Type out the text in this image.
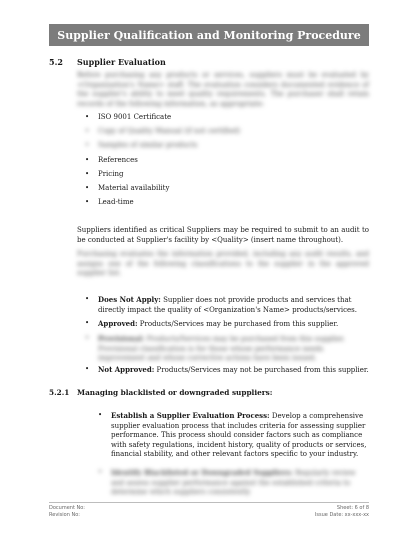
Supplier Qualification and Monitoring Procedure
5.2 Supplier Evaluation
Before purchasing any products or services, suppliers must be evaluated by <Organization's Name> staff. The evaluation considers documented evidence of the supplier's ability to meet quality requirements. The purchaser shall retain records of the following information, as appropriate:
• ISO 9001 Certificate
• Copy of Quality Manual (if not certified)
• Samples of similar products
• References
• Pricing
• Material availability
• Lead-time
Suppliers identified as critical Suppliers may be required to submit to an audit to be conducted at Supplier's facility by <Quality> (insert name throughout).
Purchasing evaluates the information provided, including any audit results, and assigns one of the following classifications to the supplier in the approved supplier list.
• Does Not Apply: Supplier does not provide products and services that directly impact the quality of <Organization's Name> products/services.
• Approved: Products/Services may be purchased from this supplier.
• Provisional: Products/Services may be purchased from this supplier. Provisional classification is for those whose performance needs improvement and whose corrective actions have been issued.
• Not Approved: Products/Services may not be purchased from this supplier.
5.2.1 Managing blacklisted or downgraded suppliers:
• Establish a Supplier Evaluation Process: Develop a comprehensive supplier evaluation process that includes criteria for assessing supplier performance. This process should consider factors such as compliance with safety regulations, incident history, quality of products or services, financial stability, and other relevant factors specific to your industry.
• Identify Blacklisted or Downgraded Suppliers: Regularly review and assess supplier performance against the established criteria to determine which suppliers consistently
Document No:
Revision No:
Sheet: 6 of 8
Issue Date: xx-xxx-xx
